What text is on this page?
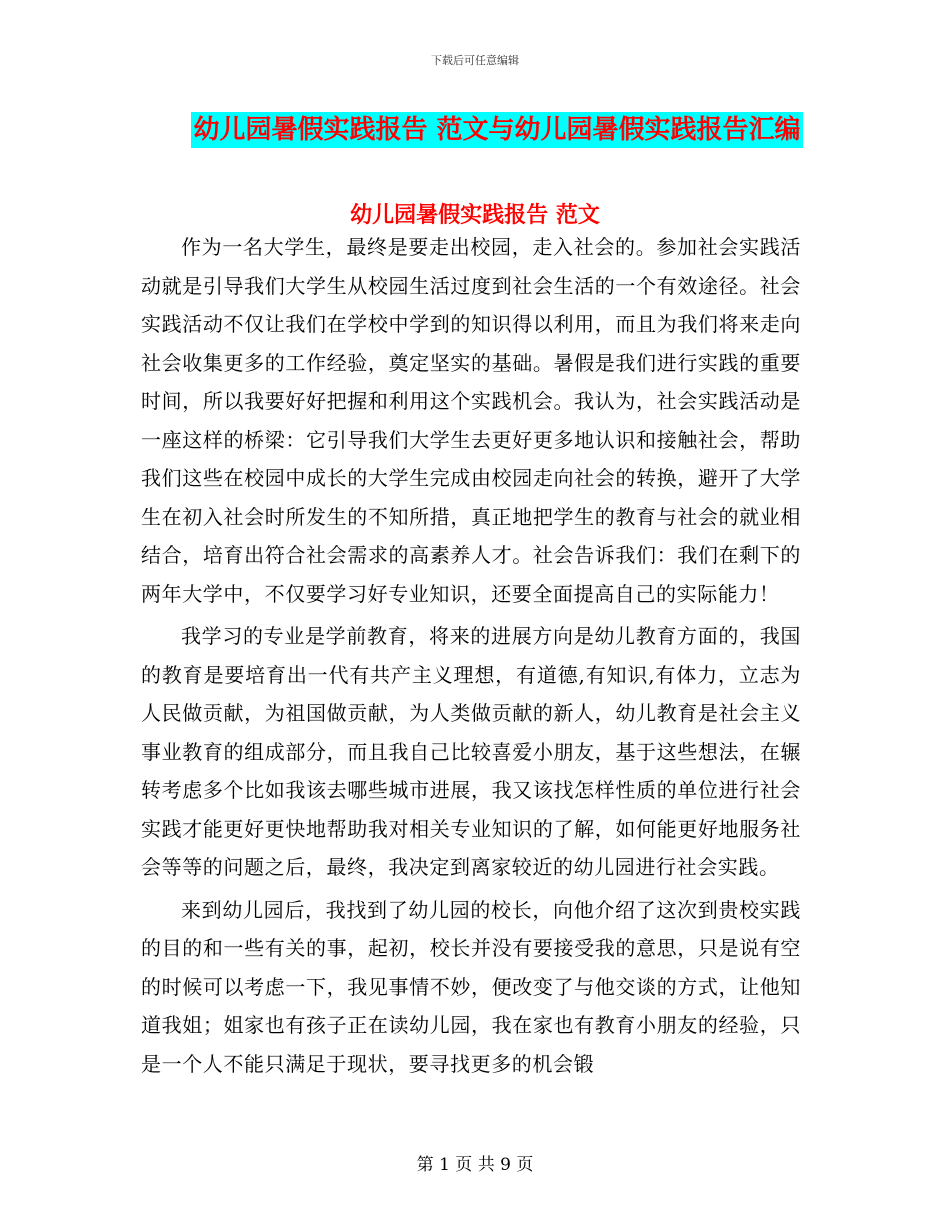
下载后可任意编辑
幼儿园暑假实践报告 范文与幼儿园暑假实践报告汇编
幼儿园暑假实践报告 范文

作为一名大学生，最终是要走出校园，走入社会的。参加社会实践活动就是引导我们大学生从校园生活过度到社会生活的一个有效途径。社会实践活动不仅让我们在学校中学到的知识得以利用，而且为我们将来走向社会收集更多的工作经验，奠定坚实的基础。暑假是我们进行实践的重要时间，所以我要好好把握和利用这个实践机会。我认为，社会实践活动是一座这样的桥梁：它引导我们大学生去更好更多地认识和接触社会，帮助我们这些在校园中成长的大学生完成由校园走向社会的转换，避开了大学生在初入社会时所发生的不知所措，真正地把学生的教育与社会的就业相结合，培育出符合社会需求的高素养人才。社会告诉我们：我们在剩下的两年大学中，不仅要学习好专业知识，还要全面提高自己的实际能力！

我学习的专业是学前教育，将来的进展方向是幼儿教育方面的，我国的教育是要培育出一代有共产主义理想，有道德,有知识,有体力，立志为人民做贡献，为祖国做贡献，为人类做贡献的新人，幼儿教育是社会主义事业教育的组成部分，而且我自己比较喜爱小朋友，基于这些想法，在辗转考虑多个比如我该去哪些城市进展，我又该找怎样性质的单位进行社会实践才能更好更快地帮助我对相关专业知识的了解，如何能更好地服务社会等等的问题之后，最终，我决定到离家较近的幼儿园进行社会实践。

来到幼儿园后，我找到了幼儿园的校长，向他介绍了这次到贵校实践的目的和一些有关的事，起初，校长并没有要接受我的意思，只是说有空的时候可以考虑一下，我见事情不妙，便改变了与他交谈的方式，让他知道我姐；姐家也有孩子正在读幼儿园，我在家也有教育小朋友的经验，只是一个人不能只满足于现状，要寻找更多的机会锻

第 1 页 共 9 页
